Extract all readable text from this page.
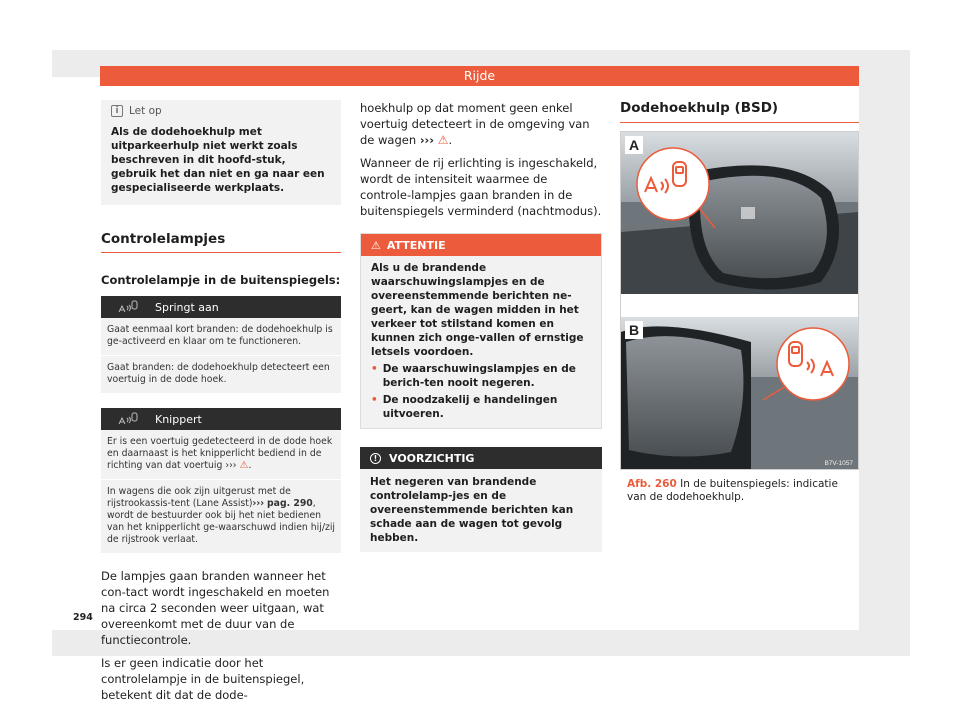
Rijde
294
i Let op
Als de dodehoekhulp met uitparkeerhulp niet werkt zoals beschreven in dit hoofd-stuk, gebruik het dan niet en ga naar een gespecialiseerde werkplaats.
Controlelampjes
Controlelampje in de buitenspiegels:
Springt aan
Gaat eenmaal kort branden: de dodehoekhulp is ge-activeerd en klaar om te functioneren.
Gaat branden: de dodehoekhulp detecteert een voertuig in de dode hoek.
Knippert
Er is een voertuig gedetecteerd in de dode hoek en daarnaast is het knipperlicht bediend in de richting van dat voertuig ››› ⚠.
In wagens die ook zijn uitgerust met de rijstrookassis-tent (Lane Assist)››› pag. 290, wordt de bestuurder ook bij het niet bedienen van het knipperlicht ge-waarschuwd indien hij/zij de rijstrook verlaat.
De lampjes gaan branden wanneer het con-tact wordt ingeschakeld en moeten na circa 2 seconden weer uitgaan, wat overeenkomt met de duur van de functiecontrole.
Is er geen indicatie door het controlelampje in de buitenspiegel, betekent dit dat de dode-
hoekhulp op dat moment geen enkel voertuig detecteert in de omgeving van de wagen ››› ⚠.
Wanneer de rij erlichting is ingeschakeld, wordt de intensiteit waarmee de controle-lampjes gaan branden in de buitenspiegels verminderd (nachtmodus).
⚠ ATTENTIE
Als u de brandende waarschuwingslampjes en de overeenstemmende berichten ne-geert, kan de wagen midden in het verkeer tot stilstand komen en kunnen zich onge-vallen of ernstige letsels voordoen.
• De waarschuwingslampjes en de berich-ten nooit negeren.
• De noodzakelij e handelingen uitvoeren.
!	VOORZICHTIG
Het negeren van brandende controlelamp-jes en de overeenstemmende berichten kan schade aan de wagen tot gevolg hebben.
Dodehoekhulp (BSD)
A
B
B7V-1057
Afb. 260 In de buitenspiegels: indicatie van de dodehoekhulp.
